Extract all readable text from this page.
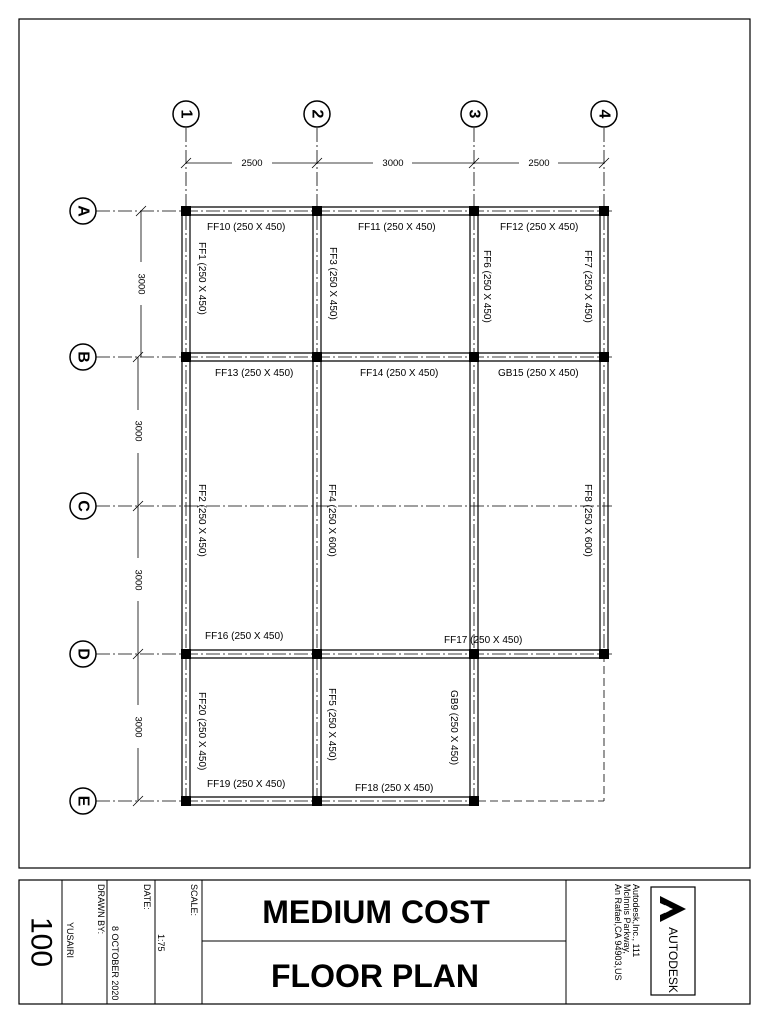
1	2	3	4
A
B
C
D
E
2500	3000	2500
3000
3000
3000
3000
FF10 (250 X 450)	FF11 (250 X 450)	FF12 (250 X 450)
FF13 (250 X 450)	FF14 (250 X 450)	GB15 (250 X 450)
FF16 (250 X 450)	FF17 (250 X 450)
FF19 (250 X 450)	FF18 (250 X 450)
FF1 (250 X 450)	FF3 (250 X 450)	FF6 (250 X 450)	FF7 (250 X 450)
FF2 (250 X 450)	FF4 (250 X 600)	FF8 (250 X 600)
FF20 (250 X 450)	FF5 (250 X 450)	GB9 (250 X 450)
100
DRAWN BY:
YUSAIRI
DATE:
8 OCTOBER 2020
SCALE:
1:75
MEDIUM COST
FLOOR PLAN
Autodesk,Inc., 111
McInnis Parkway,
An Rafael,CA 94903,US	AUTODESK
